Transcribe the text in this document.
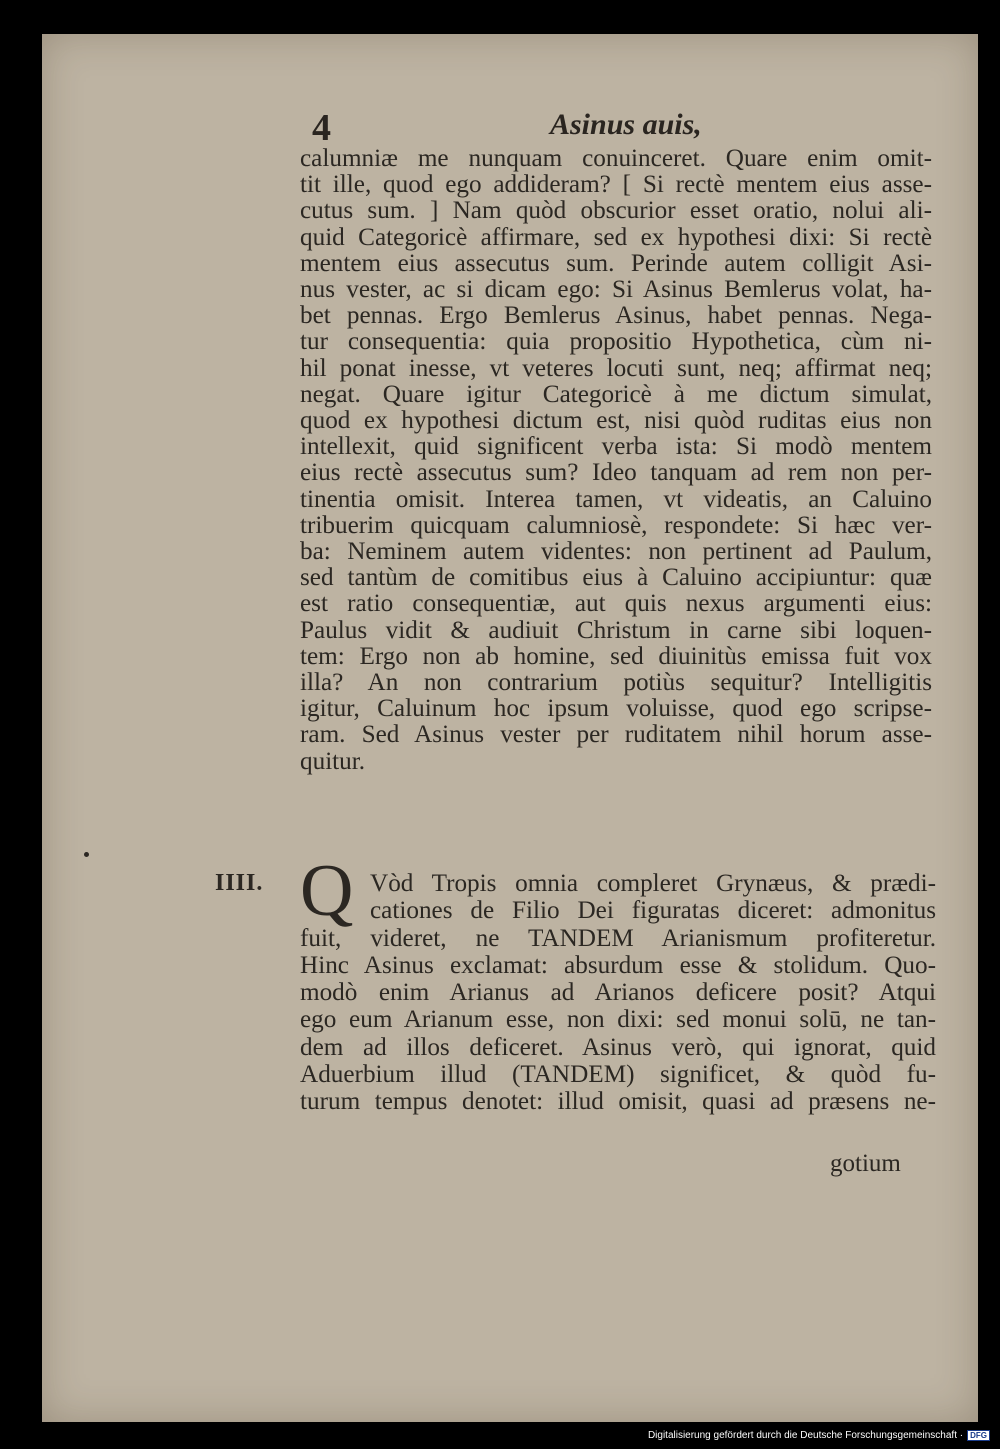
4	Asinus auis,
calumniæ me nunquam conuinceret. Quare enim omit-
tit ille, quod ego addideram? [ Si rectè mentem eius asse-
cutus sum. ] Nam quòd obscurior esset oratio, nolui ali-
quid Categoricè affirmare, sed ex hypothesi dixi: Si rectè
mentem eius assecutus sum. Perinde autem colligit Asi-
nus vester, ac si dicam ego: Si Asinus Bemlerus volat, ha-
bet pennas. Ergo Bemlerus Asinus, habet pennas. Nega-
tur consequentia: quia propositio Hypothetica, cùm ni-
hil ponat inesse, vt veteres locuti sunt, neq; affirmat neq;
negat. Quare igitur Categoricè à me dictum simulat,
quod ex hypothesi dictum est, nisi quòd ruditas eius non
intellexit, quid significent verba ista: Si modò mentem
eius rectè assecutus sum? Ideo tanquam ad rem non per-
tinentia omisit. Interea tamen, vt videatis, an Caluino
tribuerim quicquam calumniosè, respondete: Si hæc ver-
ba: Neminem autem videntes: non pertinent ad Paulum,
sed tantùm de comitibus eius à Caluino accipiuntur: quæ
est ratio consequentiæ, aut quis nexus argumenti eius:
Paulus vidit & audiuit Christum in carne sibi loquen-
tem: Ergo non ab homine, sed diuinitùs emissa fuit vox
illa? An non contrarium potiùs sequitur? Intelligitis
igitur, Caluinum hoc ipsum voluisse, quod ego scripse-
ram. Sed Asinus vester per ruditatem nihil horum asse-
quitur.
IIII. Q Vòd Tropis omnia compleret Grynæus, & prædi-
cationes de Filio Dei figuratas diceret: admonitus
fuit, videret, ne TANDEM Arianismum profiteretur.
Hinc Asinus exclamat: absurdum esse & stolidum. Quo-
modò enim Arianus ad Arianos deficere posit? Atqui
ego eum Arianum esse, non dixi: sed monui solū, ne tan-
dem ad illos deficeret. Asinus verò, qui ignorat, quid
Aduerbium illud (TANDEM) significet, & quòd fu-
turum tempus denotet: illud omisit, quasi ad præsens ne-
gotium
Digitalisierung gefördert durch die Deutsche Forschungsgemeinschaft · DFG
